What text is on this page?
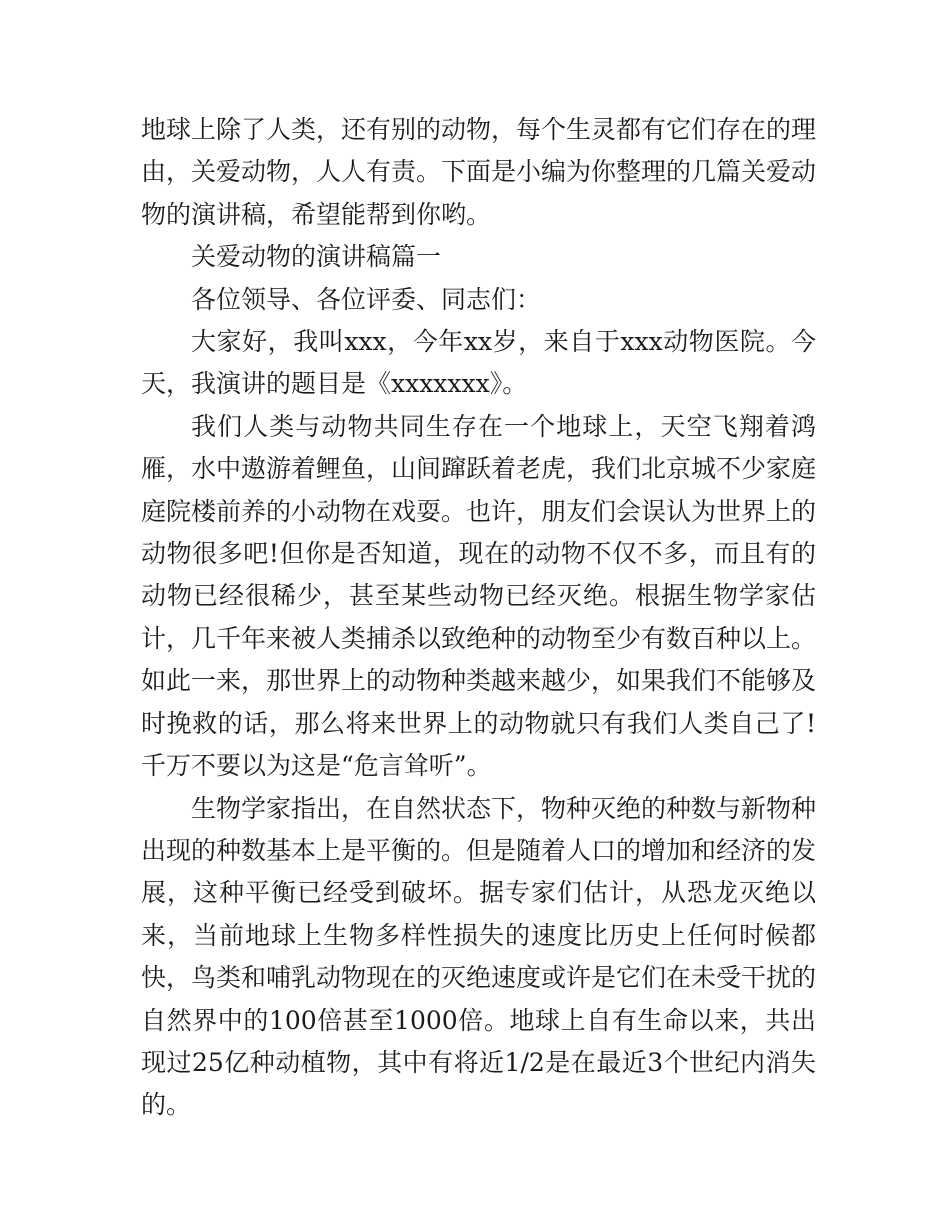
地球上除了人类，还有别的动物，每个生灵都有它们存在的理由，关爱动物，人人有责。下面是小编为你整理的几篇关爱动物的演讲稿，希望能帮到你哟。

关爱动物的演讲稿篇一

各位领导、各位评委、同志们：

大家好，我叫xxx，今年xx岁，来自于xxx动物医院。今天，我演讲的题目是《xxxxxxx》。

我们人类与动物共同生存在一个地球上，天空飞翔着鸿雁，水中遨游着鲤鱼，山间蹿跃着老虎，我们北京城不少家庭庭院楼前养的小动物在戏耍。也许，朋友们会误认为世界上的动物很多吧!但你是否知道，现在的动物不仅不多，而且有的动物已经很稀少，甚至某些动物已经灭绝。根据生物学家估计，几千年来被人类捕杀以致绝种的动物至少有数百种以上。如此一来，那世界上的动物种类越来越少，如果我们不能够及时挽救的话，那么将来世界上的动物就只有我们人类自己了!千万不要以为这是“危言耸听”。

生物学家指出，在自然状态下，物种灭绝的种数与新物种出现的种数基本上是平衡的。但是随着人口的增加和经济的发展，这种平衡已经受到破坏。据专家们估计，从恐龙灭绝以来，当前地球上生物多样性损失的速度比历史上任何时候都快，鸟类和哺乳动物现在的灭绝速度或许是它们在未受干扰的自然界中的100倍甚至1000倍。地球上自有生命以来，共出现过25亿种动植物，其中有将近1/2是在最近3个世纪内消失的。
